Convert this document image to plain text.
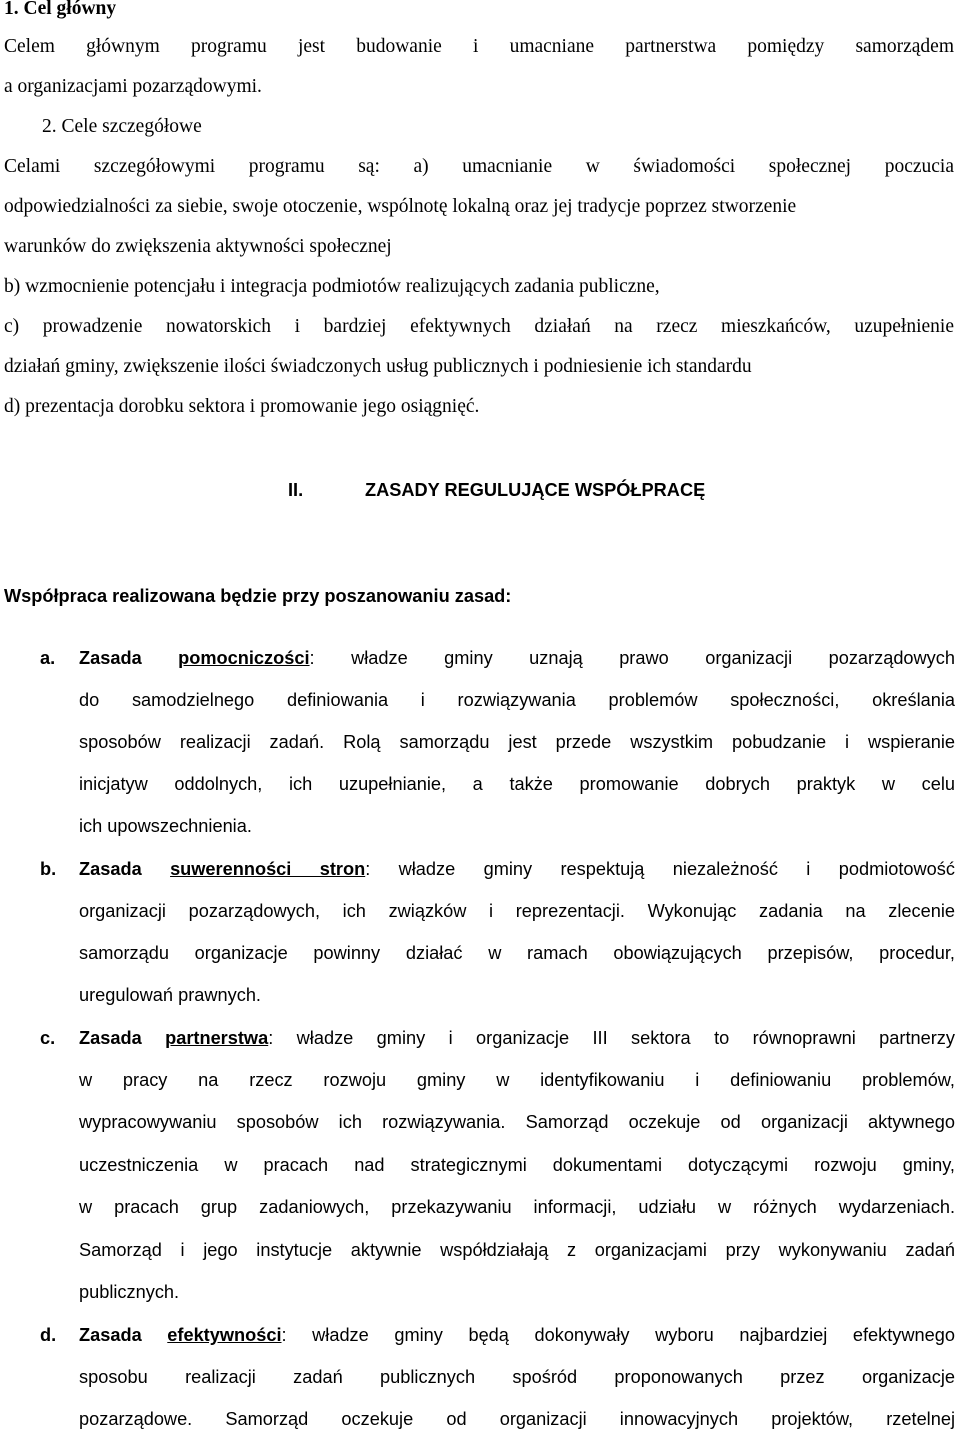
1. Cel główny
Celem głównym programu jest budowanie i umacniane partnerstwa pomiędzy samorządem
a organizacjami pozarządowymi.
2. Cele szczegółowe
Celami szczegółowymi programu są: a) umacnianie w świadomości społecznej poczucia
odpowiedzialności za siebie, swoje otoczenie, wspólnotę lokalną oraz jej tradycje poprzez stworzenie
warunków do zwiększenia aktywności społecznej
b) wzmocnienie potencjału i integracja podmiotów realizujących zadania publiczne,
c) prowadzenie nowatorskich i bardziej efektywnych działań na rzecz mieszkańców, uzupełnienie
działań gminy, zwiększenie ilości świadczonych usług publicznych i podniesienie ich standardu
d) prezentacja dorobku sektora i promowanie jego osiągnięć.
II.	ZASADY REGULUJĄCE WSPÓŁPRACĘ
Współpraca realizowana będzie przy poszanowaniu zasad:
a. Zasada pomocniczości: władze gminy uznają prawo organizacji pozarządowych
do samodzielnego definiowania i rozwiązywania problemów społeczności, określania
sposobów realizacji zadań. Rolą samorządu jest przede wszystkim pobudzanie i wspieranie
inicjatyw oddolnych, ich uzupełnianie, a także promowanie dobrych praktyk w celu
ich upowszechnienia.
b. Zasada suwerenności stron: władze gminy respektują niezależność i podmiotowość
organizacji pozarządowych, ich związków i reprezentacji. Wykonując zadania na zlecenie
samorządu organizacje powinny działać w ramach obowiązujących przepisów, procedur,
uregulowań prawnych.
c. Zasada partnerstwa: władze gminy i organizacje III sektora to równoprawni partnerzy
w pracy na rzecz rozwoju gminy w identyfikowaniu i definiowaniu problemów,
wypracowywaniu sposobów ich rozwiązywania. Samorząd oczekuje od organizacji aktywnego
uczestniczenia w pracach nad strategicznymi dokumentami dotyczącymi rozwoju gminy,
w pracach grup zadaniowych, przekazywaniu informacji, udziału w różnych wydarzeniach.
Samorząd i jego instytucje aktywnie współdziałają z organizacjami przy wykonywaniu zadań
publicznych.
d. Zasada efektywności: władze gminy będą dokonywały wyboru najbardziej efektywnego
sposobu realizacji zadań publicznych spośród proponowanych przez organizacje
pozarządowe. Samorząd oczekuje od organizacji innowacyjnych projektów, rzetelnej
